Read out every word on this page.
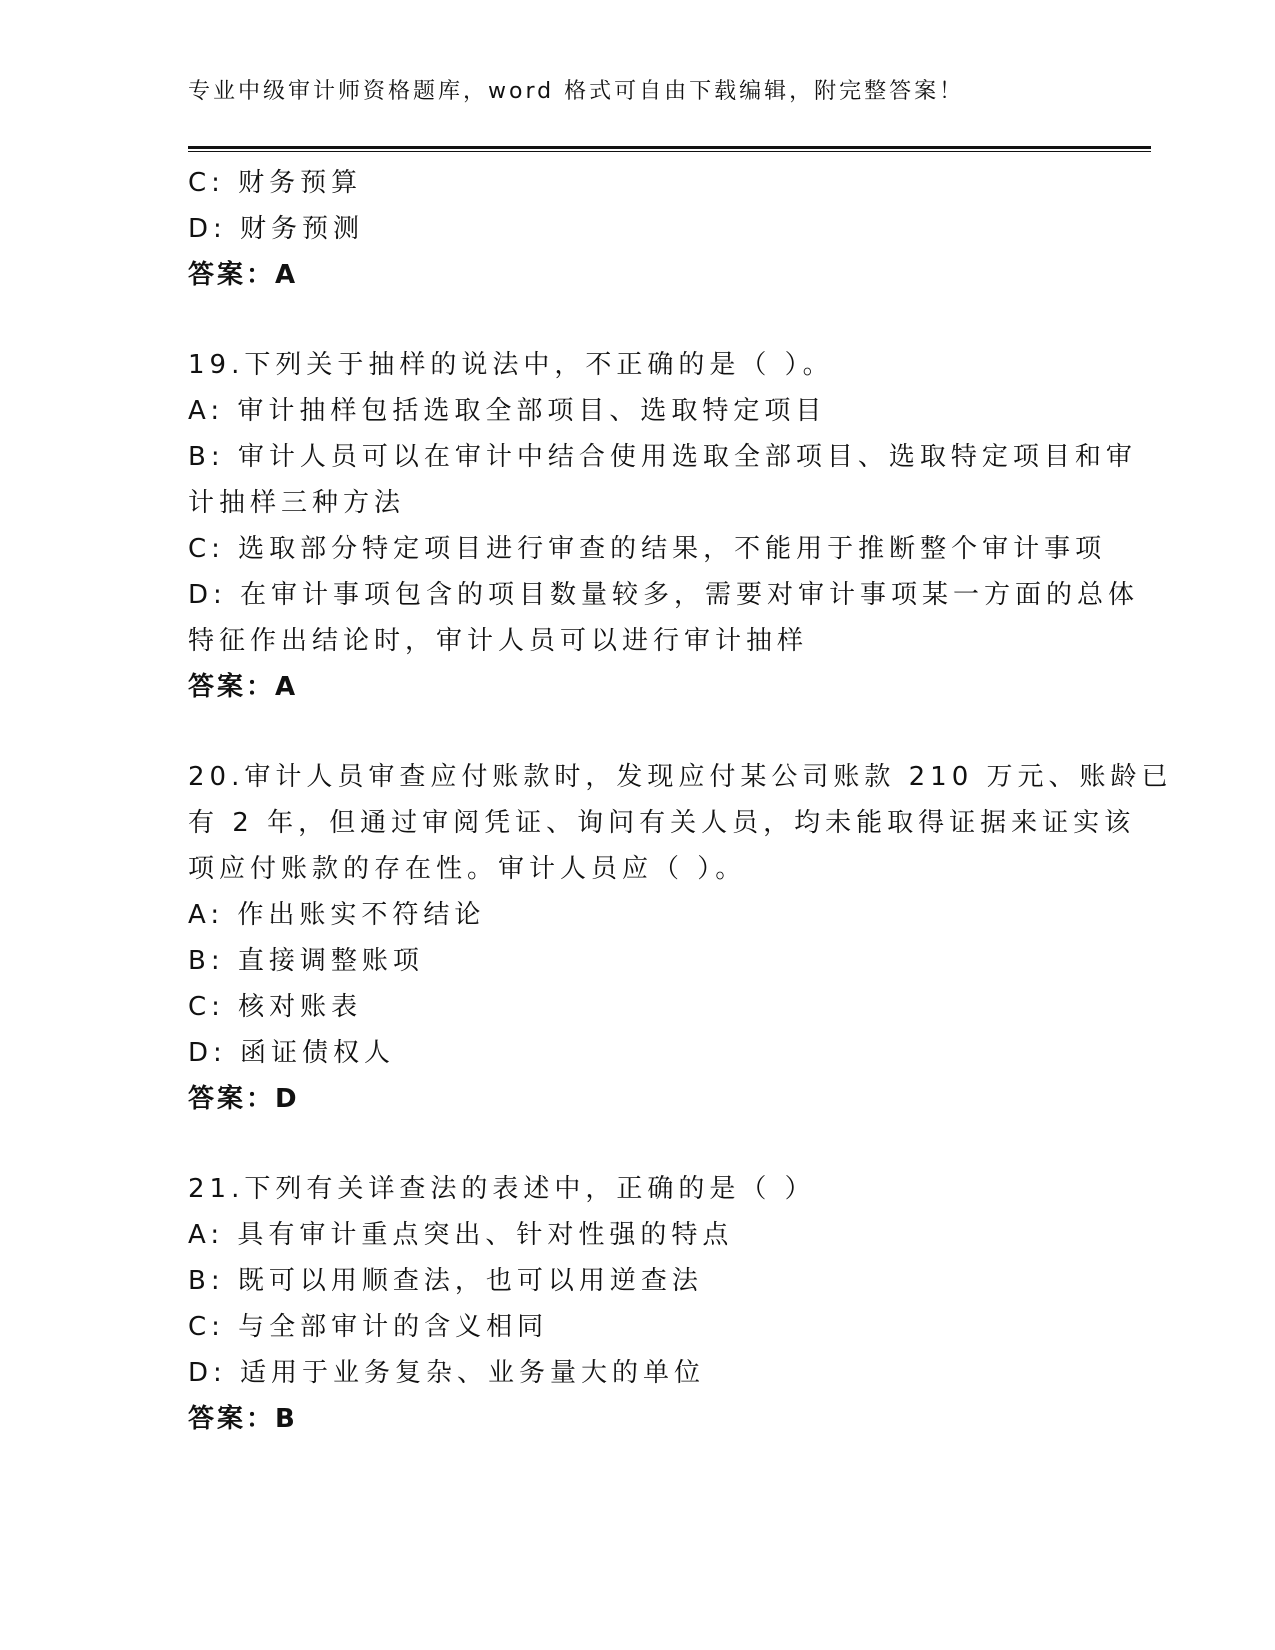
专业中级审计师资格题库，word 格式可自由下载编辑，附完整答案！

C: 财务预算

D: 财务预测

答案：A

19.下列关于抽样的说法中，不正确的是（ ）。

A: 审计抽样包括选取全部项目、选取特定项目

B: 审计人员可以在审计中结合使用选取全部项目、选取特定项目和审

计抽样三种方法

C: 选取部分特定项目进行审查的结果，不能用于推断整个审计事项

D: 在审计事项包含的项目数量较多，需要对审计事项某一方面的总体

特征作出结论时，审计人员可以进行审计抽样

答案：A

20.审计人员审查应付账款时，发现应付某公司账款 210 万元、账龄已

有 2 年，但通过审阅凭证、询问有关人员，均未能取得证据来证实该

项应付账款的存在性。审计人员应（ ）。

A: 作出账实不符结论

B: 直接调整账项

C: 核对账表

D: 函证债权人

答案：D

21.下列有关详查法的表述中，正确的是（ ）

A: 具有审计重点突出、针对性强的特点

B: 既可以用顺查法，也可以用逆查法

C: 与全部审计的含义相同

D: 适用于业务复杂、业务量大的单位

答案：B
